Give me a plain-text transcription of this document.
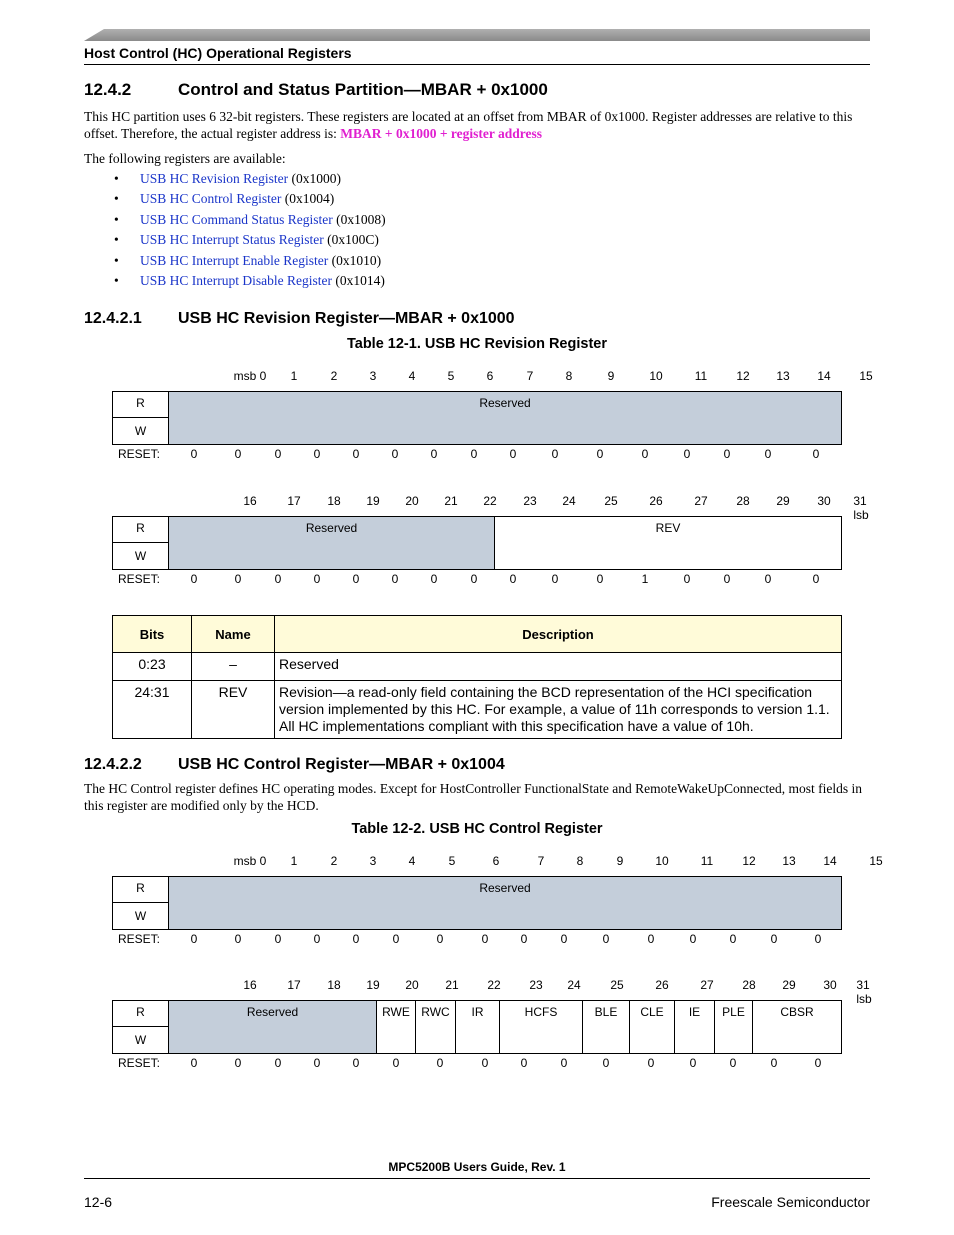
Host Control (HC) Operational Registers
12.4.2	Control and Status Partition—MBAR + 0x1000
This HC partition uses 6 32-bit registers. These registers are located at an offset from MBAR of 0x1000. Register addresses are relative to this offset. Therefore, the actual register address is: MBAR + 0x1000 + register address
The following registers are available:
• USB HC Revision Register (0x1000)
• USB HC Control Register (0x1004)
• USB HC Command Status Register (0x1008)
• USB HC Interrupt Status Register (0x100C)
• USB HC Interrupt Enable Register (0x1010)
• USB HC Interrupt Disable Register (0x1014)
12.4.2.1 USB HC Revision Register—MBAR + 0x1000
Table 12-1. USB HC Revision Register
msb 0 1	2	3	4	5	6	7	8	9	10	11 12 13 14 15
R
W
Reserved
RESET:	0	0	0	0	0	0	0	0	0	0	0	0	0	0	0	0
16	17 18 19 20 21 22 23 24 25	26	27 28 29 30 31 lsb
R
W
Reserved	REV
RESET:	0	0	0	0	0	0	0	0	0	0	0	1	0	0	0	0
Bits	Name	Description
0:23	–	Reserved
24:31	REV	Revision—a read-only field containing the BCD representation of the HCI specification version implemented by this HC. For example, a value of 11h corresponds to version 1.1. All HC implementations compliant with this specification have a value of 10h.
12.4.2.2 USB HC Control Register—MBAR + 0x1004
The HC Control register defines HC operating modes. Except for HostController FunctionalState and RemoteWakeUpConnected, most fields in this register are modified only by the HCD.
Table 12-2. USB HC Control Register
msb 0 1	2	3	4	5	6	7	8	9	10	11 12 13 14	15
R
W
Reserved
RESET:	0	0	0	0	0	0	0	0	0	0	0	0	0	0	0	0
16	17 18 19 20 21 22 23 24 25	26	27 28 29 30 31 lsb
R
W
Reserved	RWE RWC	IR	HCFS	BLE	CLE	IE	PLE	CBSR
RESET:	0	0	0	0	0	0	0	0	0	0	0	0	0	0	0	0
MPC5200B Users Guide, Rev. 1
12-6	Freescale Semiconductor
